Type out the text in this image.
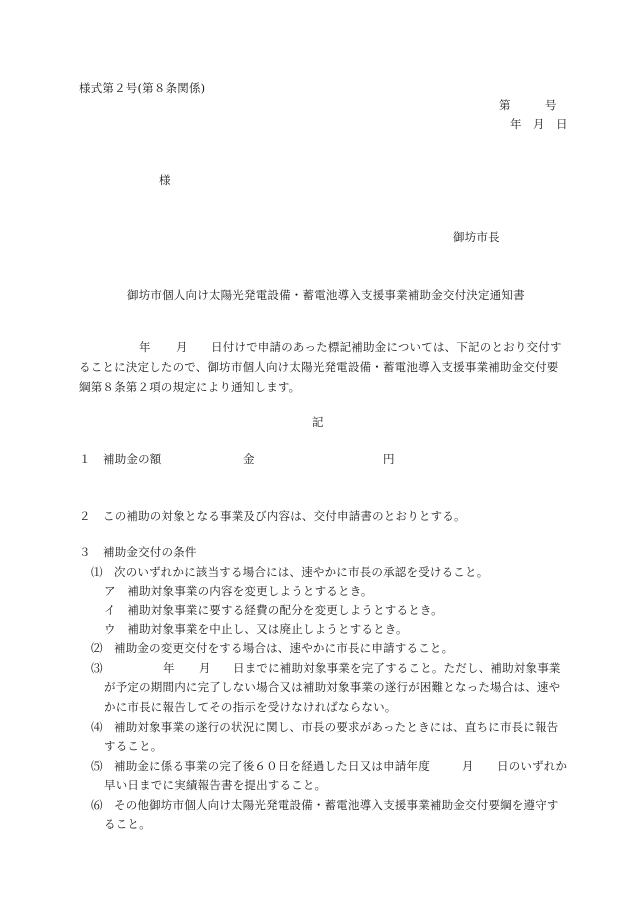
様式第２号(第８条関係)
第	号
年 月 日
様
御坊市長
御坊市個人向け太陽光発電設備・蓄電池導入支援事業補助金交付決定通知書
年 月 日付けで申請のあった標記補助金については、下記のとおり交付す
ることに決定したので、御坊市個人向け太陽光発電設備・蓄電池導入支援事業補助金交付要
綱第８条第２項の規定により通知します。
記
１ 補助金の額	金	円
２ この補助の対象となる事業及び内容は、交付申請書のとおりとする。
３ 補助金交付の条件
⑴ 次のいずれかに該当する場合には、速やかに市長の承認を受けること。
ア　補助対象事業の内容を変更しようとするとき。
イ　補助対象事業に要する経費の配分を変更しようとするとき。
ウ　補助対象事業を中止し、又は廃止しようとするとき。
⑵ 補助金の変更交付をする場合は、速やかに市長に申請すること。
⑶	年 月 日までに補助対象事業を完了すること。ただし、補助対象事業
が予定の期間内に完了しない場合又は補助対象事業の遂行が困難となった場合は、速や
かに市長に報告してその指示を受けなければならない。
⑷ 補助対象事業の遂行の状況に関し、市長の要求があったときには、直ちに市長に報告
すること。
⑸ 補助金に係る事業の完了後６０日を経過した日又は申請年度	月 日のいずれか
早い日までに実績報告書を提出すること。
⑹ その他御坊市個人向け太陽光発電設備・蓄電池導入支援事業補助金交付要綱を遵守す
ること。
